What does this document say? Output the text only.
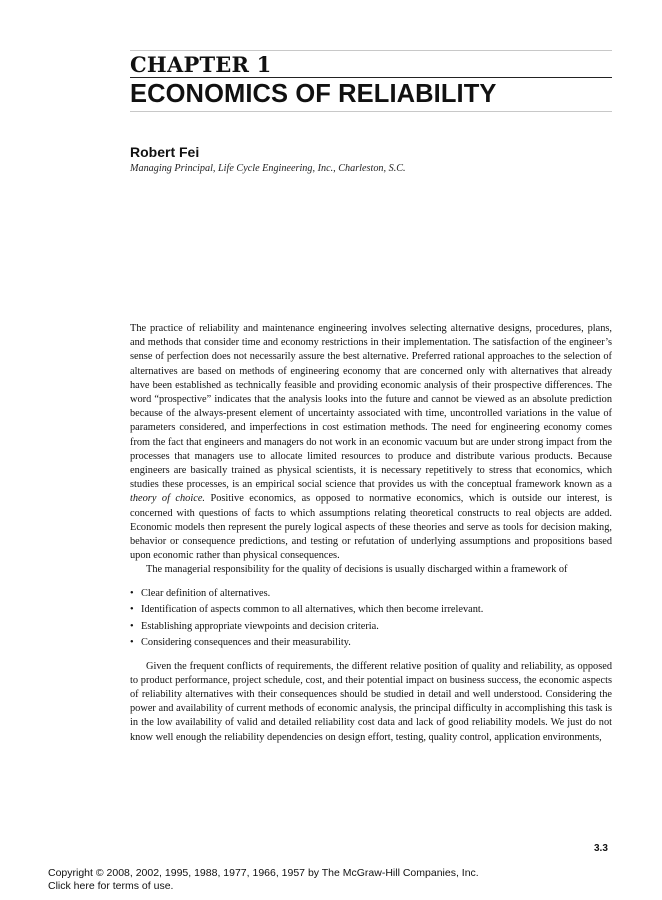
CHAPTER 1
ECONOMICS OF RELIABILITY
Robert Fei
Managing Principal, Life Cycle Engineering, Inc., Charleston, S.C.

The practice of reliability and maintenance engineering involves selecting alternative designs, procedures, plans, and methods that consider time and economy restrictions in their implementation. The satisfaction of the engineer’s sense of perfection does not necessarily assure the best alternative. Preferred rational approaches to the selection of alternatives are based on methods of engineering economy that are concerned only with alternatives that already have been established as technically feasible and providing economic analysis of their prospective differences. The word “prospective” indicates that the analysis looks into the future and cannot be viewed as an absolute prediction because of the always-present element of uncertainty associated with time, uncontrolled variations in the value of parameters considered, and imperfections in cost estimation methods. The need for engineering economy comes from the fact that engineers and managers do not work in an economic vacuum but are under strong impact from the processes that managers use to allocate limited resources to produce and distribute various products. Because engineers are basically trained as physical scientists, it is necessary repetitively to stress that economics, which studies these processes, is an empirical social science that provides us with the conceptual framework known as a theory of choice. Positive economics, as opposed to normative economics, which is outside our interest, is concerned with questions of facts to which assumptions relating theoretical constructs to real objects are added. Economic models then represent the purely logical aspects of these theories and serve as tools for decision making, behavior or consequence predictions, and testing or refutation of underlying assumptions and propositions based upon economic rather than physical consequences.

The managerial responsibility for the quality of decisions is usually discharged within a framework of

• Clear definition of alternatives.
• Identification of aspects common to all alternatives, which then become irrelevant.
• Establishing appropriate viewpoints and decision criteria.
• Considering consequences and their measurability.

Given the frequent conflicts of requirements, the different relative position of quality and reliability, as opposed to product performance, project schedule, cost, and their potential impact on business success, the economic aspects of reliability alternatives with their consequences should be studied in detail and well understood. Considering the power and availability of current methods of economic analysis, the principal difficulty in accomplishing this task is in the low availability of valid and detailed reliability cost data and lack of good reliability models. We just do not know well enough the reliability dependencies on design effort, testing, quality control, application environments,

3.3
Copyright © 2008, 2002, 1995, 1988, 1977, 1966, 1957 by The McGraw-Hill Companies, Inc.
Click here for terms of use.
